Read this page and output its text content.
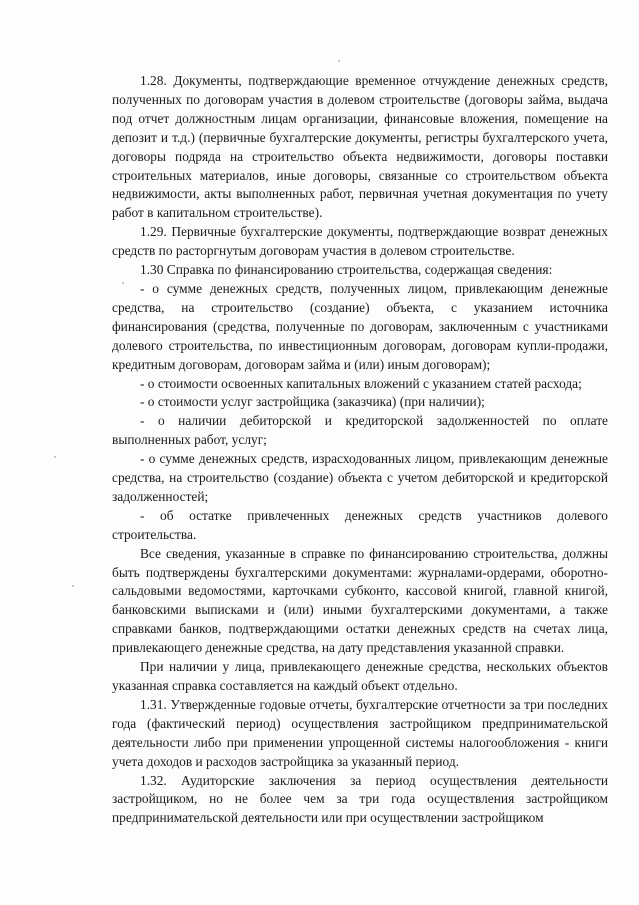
1.28. Документы, подтверждающие временное отчуждение денежных средств, полученных по договорам участия в долевом строительстве (договоры займа, выдача под отчет должностным лицам организации, финансовые вложения, помещение на депозит и т.д.) (первичные бухгалтерские документы, регистры бухгалтерского учета, договоры подряда на строительство объекта недвижимости, договоры поставки строительных материалов, иные договоры, связанные со строительством объекта недвижимости, акты выполненных работ, первичная учетная документация по учету работ в капитальном строительстве).

1.29. Первичные бухгалтерские документы, подтверждающие возврат денежных средств по расторгнутым договорам участия в долевом строительстве.

1.30 Справка по финансированию строительства, содержащая сведения:

- о сумме денежных средств, полученных лицом, привлекающим денежные средства, на строительство (создание) объекта, с указанием источника финансирования (средства, полученные по договорам, заключенным с участниками долевого строительства, по инвестиционным договорам, договорам купли-продажи, кредитным договорам, договорам займа и (или) иным договорам);

- о стоимости освоенных капитальных вложений с указанием статей расхода;

- о стоимости услуг застройщика (заказчика) (при наличии);

- о наличии дебиторской и кредиторской задолженностей по оплате выполненных работ, услуг;

- о сумме денежных средств, израсходованных лицом, привлекающим денежные средства, на строительство (создание) объекта с учетом дебиторской и кредиторской задолженностей;

- об остатке привлеченных денежных средств участников долевого строительства.

Все сведения, указанные в справке по финансированию строительства, должны быть подтверждены бухгалтерскими документами: журналами-ордерами, оборотно-сальдовыми ведомостями, карточками субконто, кассовой книгой, главной книгой, банковскими выписками и (или) иными бухгалтерскими документами, а также справками банков, подтверждающими остатки денежных средств на счетах лица, привлекающего денежные средства, на дату представления указанной справки.

При наличии у лица, привлекающего денежные средства, нескольких объектов указанная справка составляется на каждый объект отдельно.

1.31. Утвержденные годовые отчеты, бухгалтерские отчетности за три последних года (фактический период) осуществления застройщиком предпринимательской деятельности либо при применении упрощенной системы налогообложения - книги учета доходов и расходов застройщика за указанный период.

1.32. Аудиторские заключения за период осуществления деятельности застройщиком, но не более чем за три года осуществления застройщиком предпринимательской деятельности или при осуществлении застройщиком
